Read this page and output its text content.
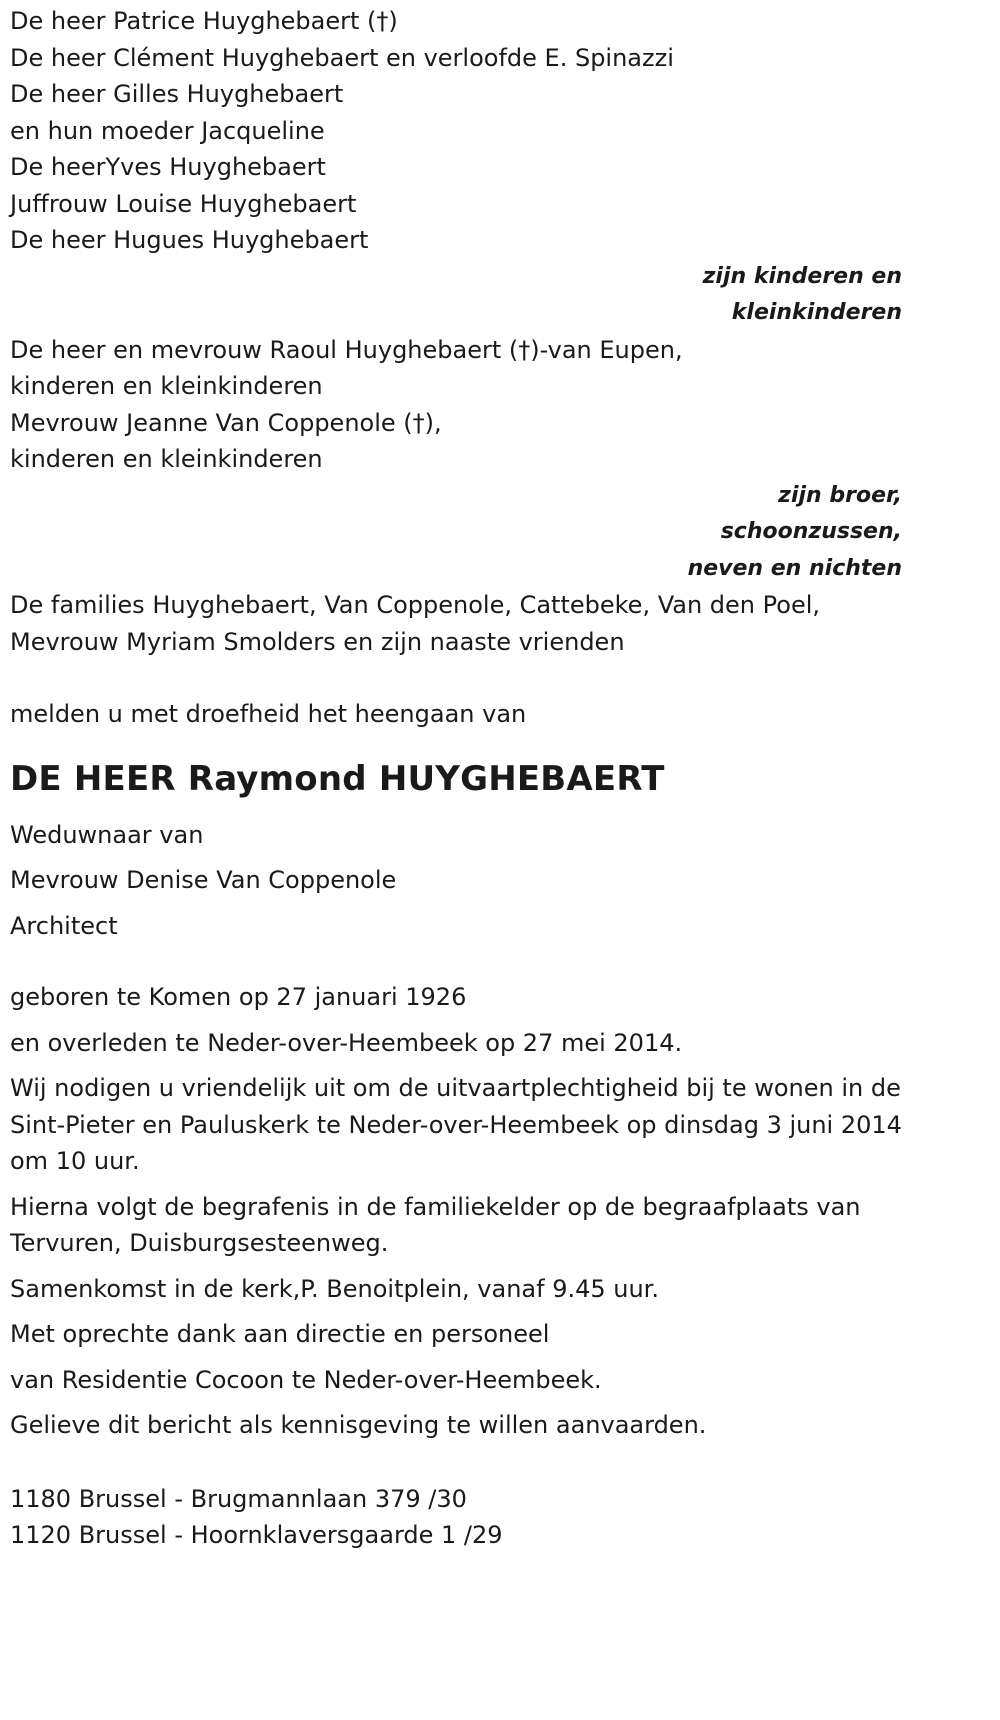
De heer Patrice Huyghebaert (†)
De heer Clément Huyghebaert en verloofde E. Spinazzi
De heer Gilles Huyghebaert
en hun moeder Jacqueline
De heerYves Huyghebaert
Juffrouw Louise Huyghebaert
De heer Hugues Huyghebaert
zijn kinderen en
kleinkinderen
De heer en mevrouw Raoul Huyghebaert (†)-van Eupen,
kinderen en kleinkinderen
Mevrouw Jeanne Van Coppenole (†),
kinderen en kleinkinderen
zijn broer,
schoonzussen,
neven en nichten
De families Huyghebaert, Van Coppenole, Cattebeke, Van den Poel,
Mevrouw Myriam Smolders en zijn naaste vrienden
melden u met droefheid het heengaan van
DE HEER Raymond HUYGHEBAERT

Weduwnaar van

Mevrouw Denise Van Coppenole

Architect

geboren te Komen op 27 januari 1926

en overleden te Neder-over-Heembeek op 27 mei 2014.

Wij nodigen u vriendelijk uit om de uitvaartplechtigheid bij te wonen in de Sint-Pieter en Pauluskerk te Neder-over-Heembeek op dinsdag 3 juni 2014 om 10 uur.

Hierna volgt de begrafenis in de familiekelder op de begraafplaats van Tervuren, Duisburgsesteenweg.

Samenkomst in de kerk,P. Benoitplein, vanaf 9.45 uur.

Met oprechte dank aan directie en personeel

van Residentie Cocoon te Neder-over-Heembeek.

Gelieve dit bericht als kennisgeving te willen aanvaarden.

1180 Brussel - Brugmannlaan 379 /30
1120 Brussel - Hoornklaversgaarde 1 /29
